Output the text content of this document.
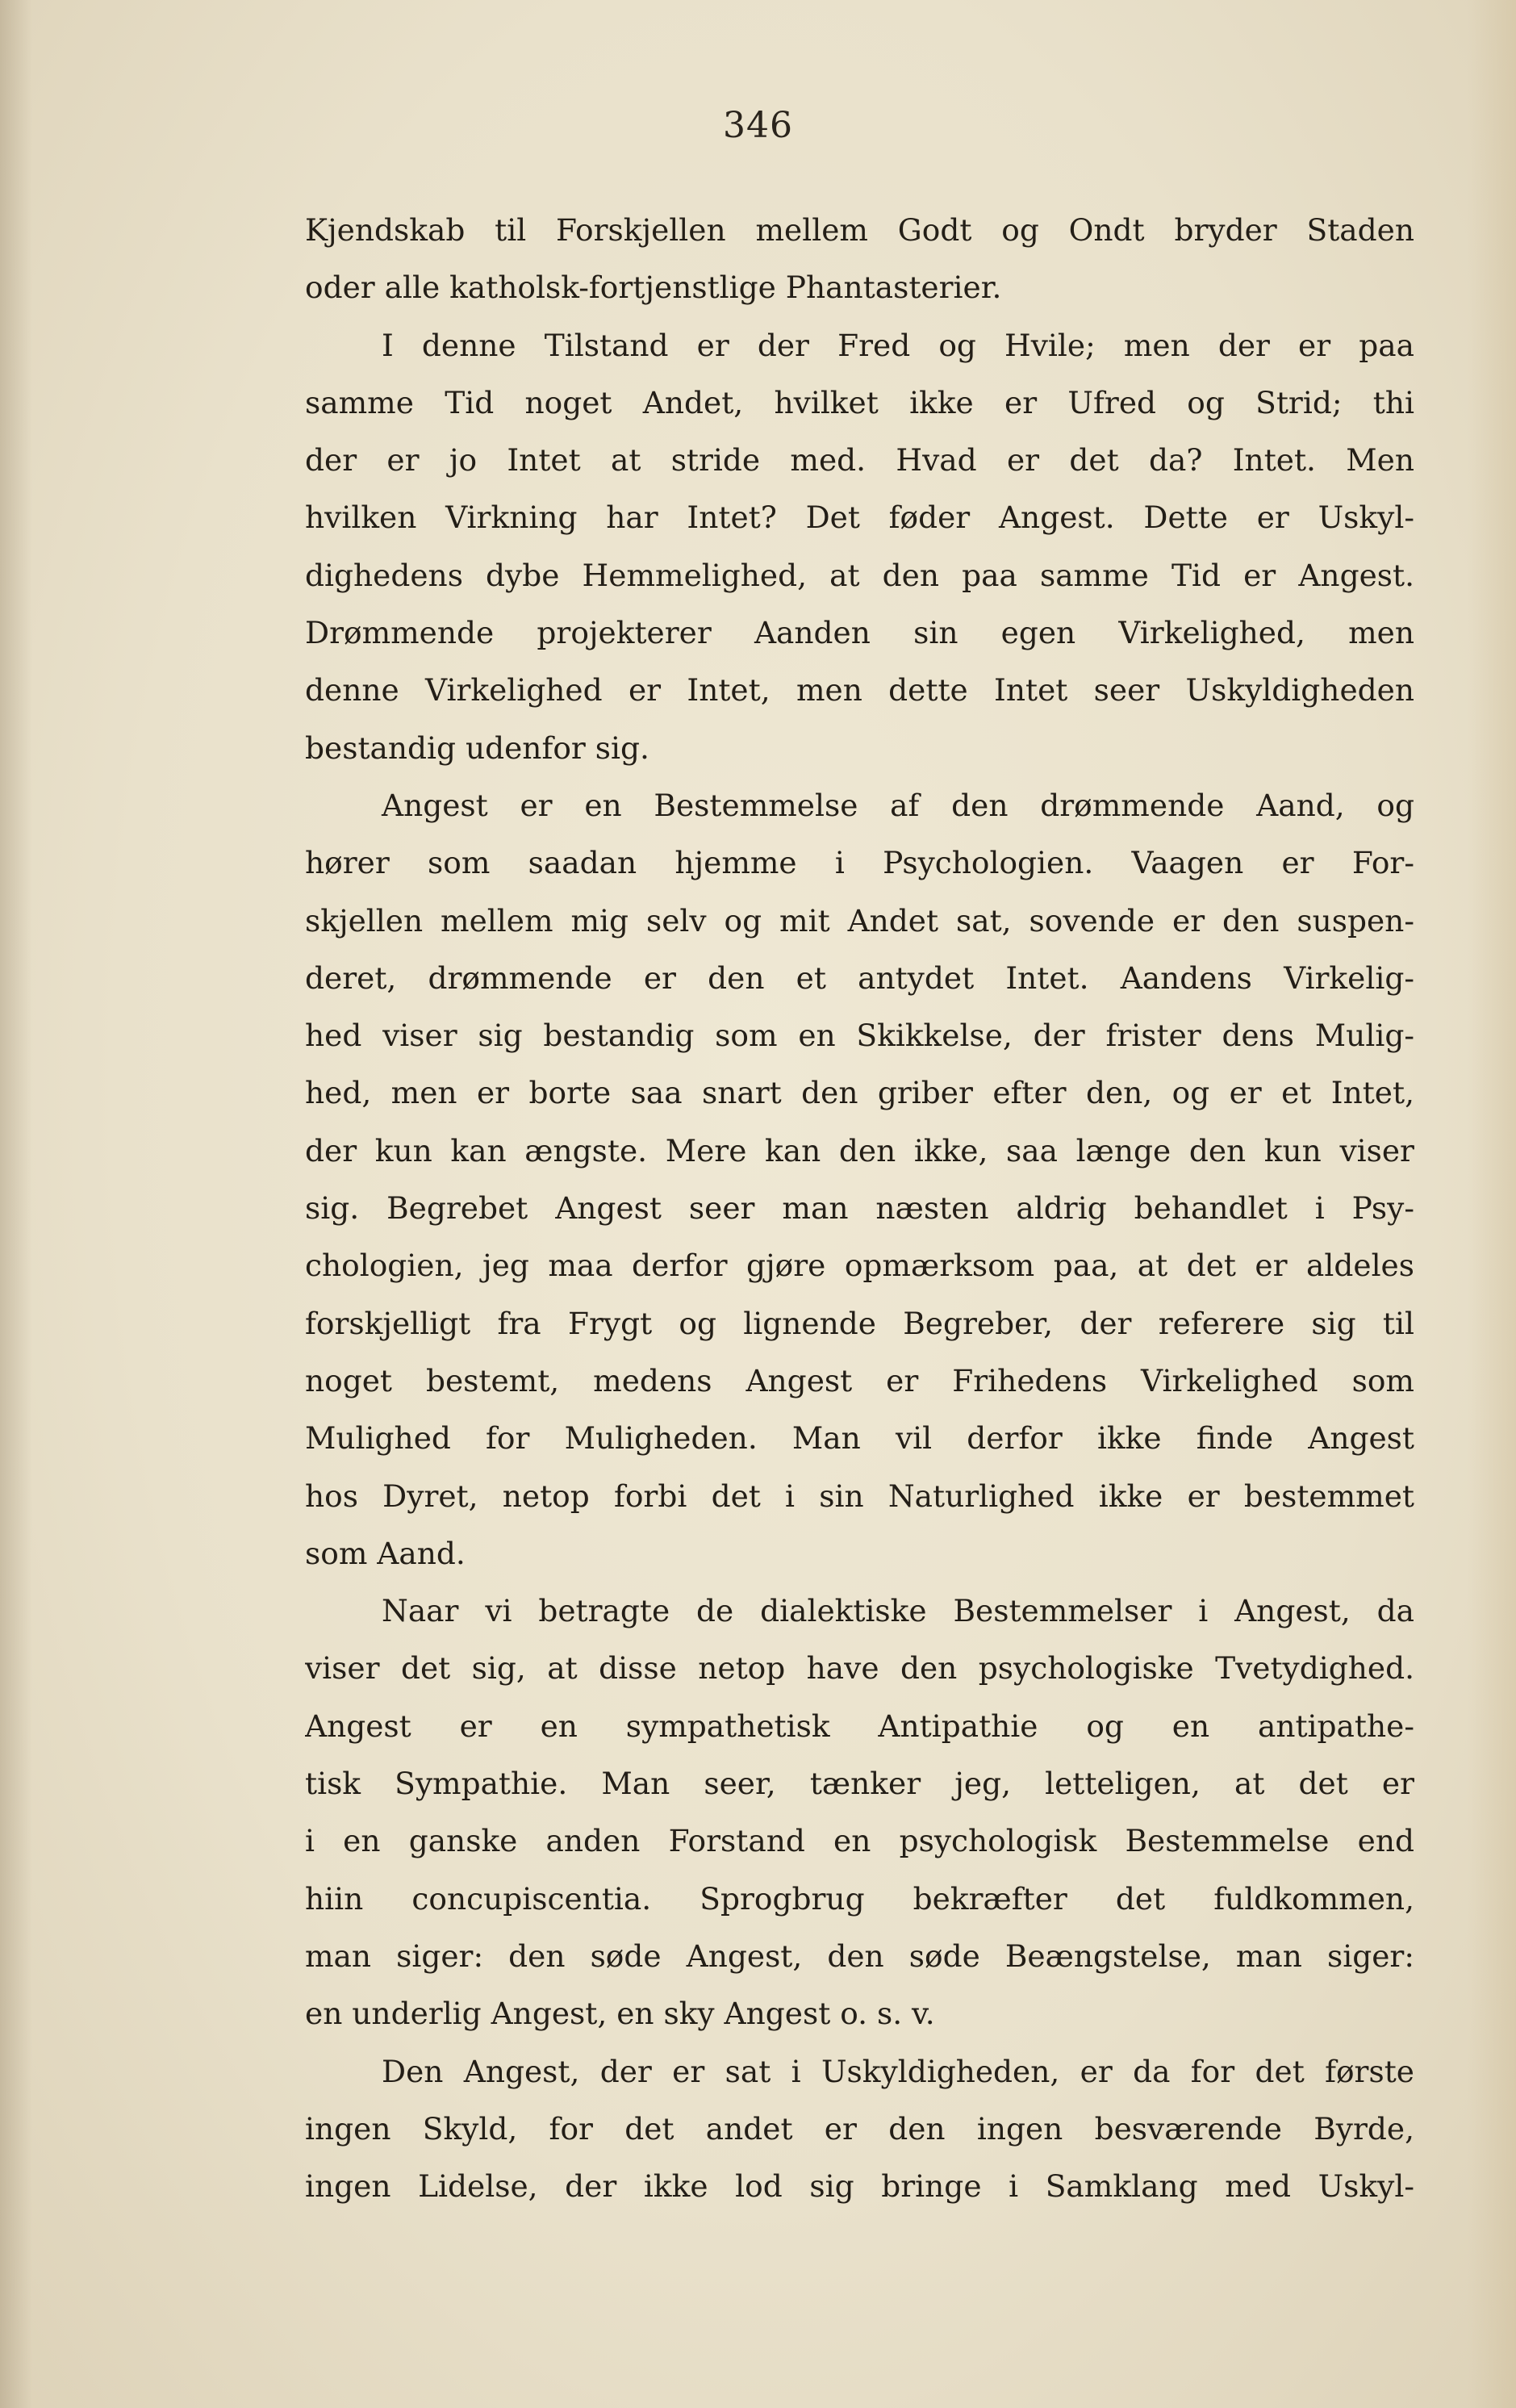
346
Kjendskab til Forskjellen mellem Godt og Ondt bryder Staden
oder alle katholsk-fortjenstlige Phantasterier.
I denne Tilstand er der Fred og Hvile; men der er paa
samme Tid noget Andet, hvilket ikke er Ufred og Strid; thi
der er jo Intet at stride med. Hvad er det da? Intet. Men
hvilken Virkning har Intet? Det føder Angest. Dette er Uskyl-
dighedens dybe Hemmelighed, at den paa samme Tid er Angest.
Drømmende projekterer Aanden sin egen Virkelighed, men
denne Virkelighed er Intet, men dette Intet seer Uskyldigheden
bestandig udenfor sig.
Angest er en Bestemmelse af den drømmende Aand, og
hører som saadan hjemme i Psychologien. Vaagen er For-
skjellen mellem mig selv og mit Andet sat, sovende er den suspen-
deret, drømmende er den et antydet Intet. Aandens Virkelig-
hed viser sig bestandig som en Skikkelse, der frister dens Mulig-
hed, men er borte saa snart den griber efter den, og er et Intet,
der kun kan ængste. Mere kan den ikke, saa længe den kun viser
sig. Begrebet Angest seer man næsten aldrig behandlet i Psy-
chologien, jeg maa derfor gjøre opmærksom paa, at det er aldeles
forskjelligt fra Frygt og lignende Begreber, der referere sig til
noget bestemt, medens Angest er Frihedens Virkelighed som
Mulighed for Muligheden. Man vil derfor ikke finde Angest
hos Dyret, netop forbi det i sin Naturlighed ikke er bestemmet
som Aand.
Naar vi betragte de dialektiske Bestemmelser i Angest, da
viser det sig, at disse netop have den psychologiske Tvetydighed.
Angest er en sympathetisk Antipathie og en antipathe-
tisk Sympathie. Man seer, tænker jeg, letteligen, at det er
i en ganske anden Forstand en psychologisk Bestemmelse end
hiin concupiscentia. Sprogbrug bekræfter det fuldkommen,
man siger: den søde Angest, den søde Beængstelse, man siger:
en underlig Angest, en sky Angest o. s. v.
Den Angest, der er sat i Uskyldigheden, er da for det første
ingen Skyld, for det andet er den ingen besværende Byrde,
ingen Lidelse, der ikke lod sig bringe i Samklang med Uskyl-
